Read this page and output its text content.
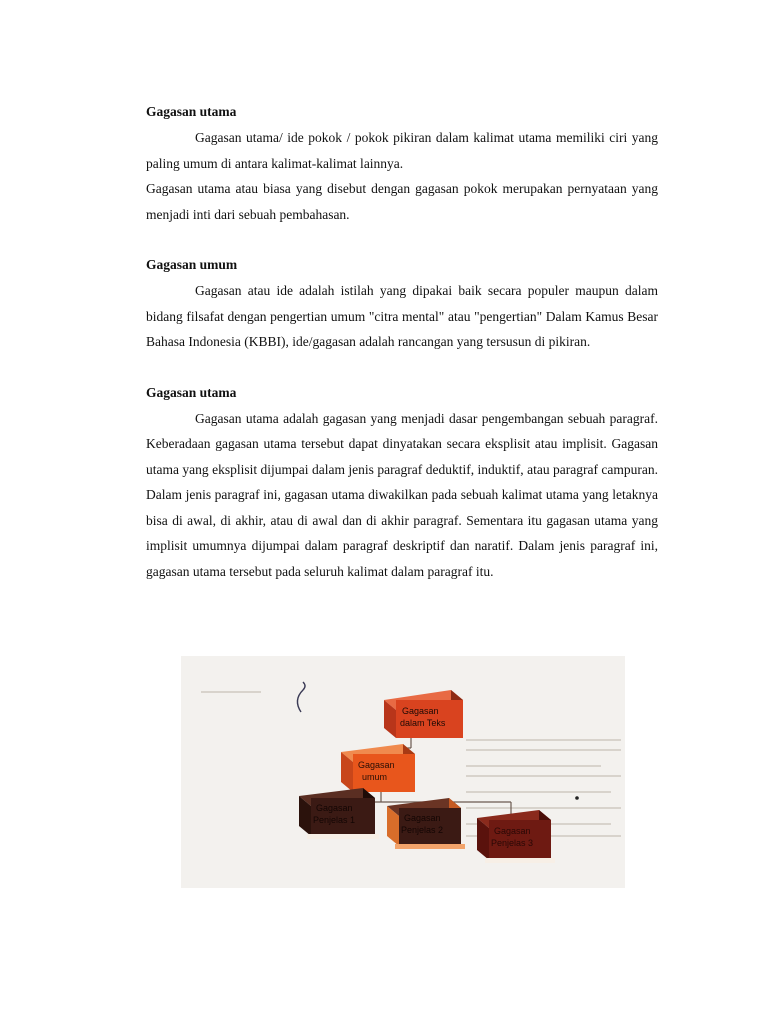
Gagasan utama

Gagasan utama/ ide pokok / pokok pikiran dalam kalimat utama memiliki ciri yang paling umum di antara kalimat-kalimat lainnya.

Gagasan utama atau biasa yang disebut dengan gagasan pokok merupakan pernyataan yang menjadi inti dari sebuah pembahasan.

Gagasan umum

Gagasan atau ide adalah istilah yang dipakai baik secara populer maupun dalam bidang filsafat dengan pengertian umum "citra mental" atau "pengertian" Dalam Kamus Besar Bahasa Indonesia (KBBI), ide/gagasan adalah rancangan yang tersusun di pikiran.

Gagasan utama

Gagasan utama adalah gagasan yang menjadi dasar pengembangan sebuah paragraf. Keberadaan gagasan utama tersebut dapat dinyatakan secara eksplisit atau implisit. Gagasan utama yang eksplisit dijumpai dalam jenis paragraf deduktif, induktif, atau paragraf campuran. Dalam jenis paragraf ini, gagasan utama diwakilkan pada sebuah kalimat utama yang letaknya bisa di awal, di akhir, atau di awal dan di akhir paragraf. Sementara itu gagasan utama yang implisit umumnya dijumpai dalam paragraf deskriptif dan naratif. Dalam jenis paragraf ini, gagasan utama tersebut pada seluruh kalimat dalam paragraf itu.

Gagasan
dalam Teks
Gagasan
umum
Gagasan
Penjelas 1	Gagasan
Penjelas 2	Gagasan
Penjelas 3
ptm
buat kalimat
contoh
